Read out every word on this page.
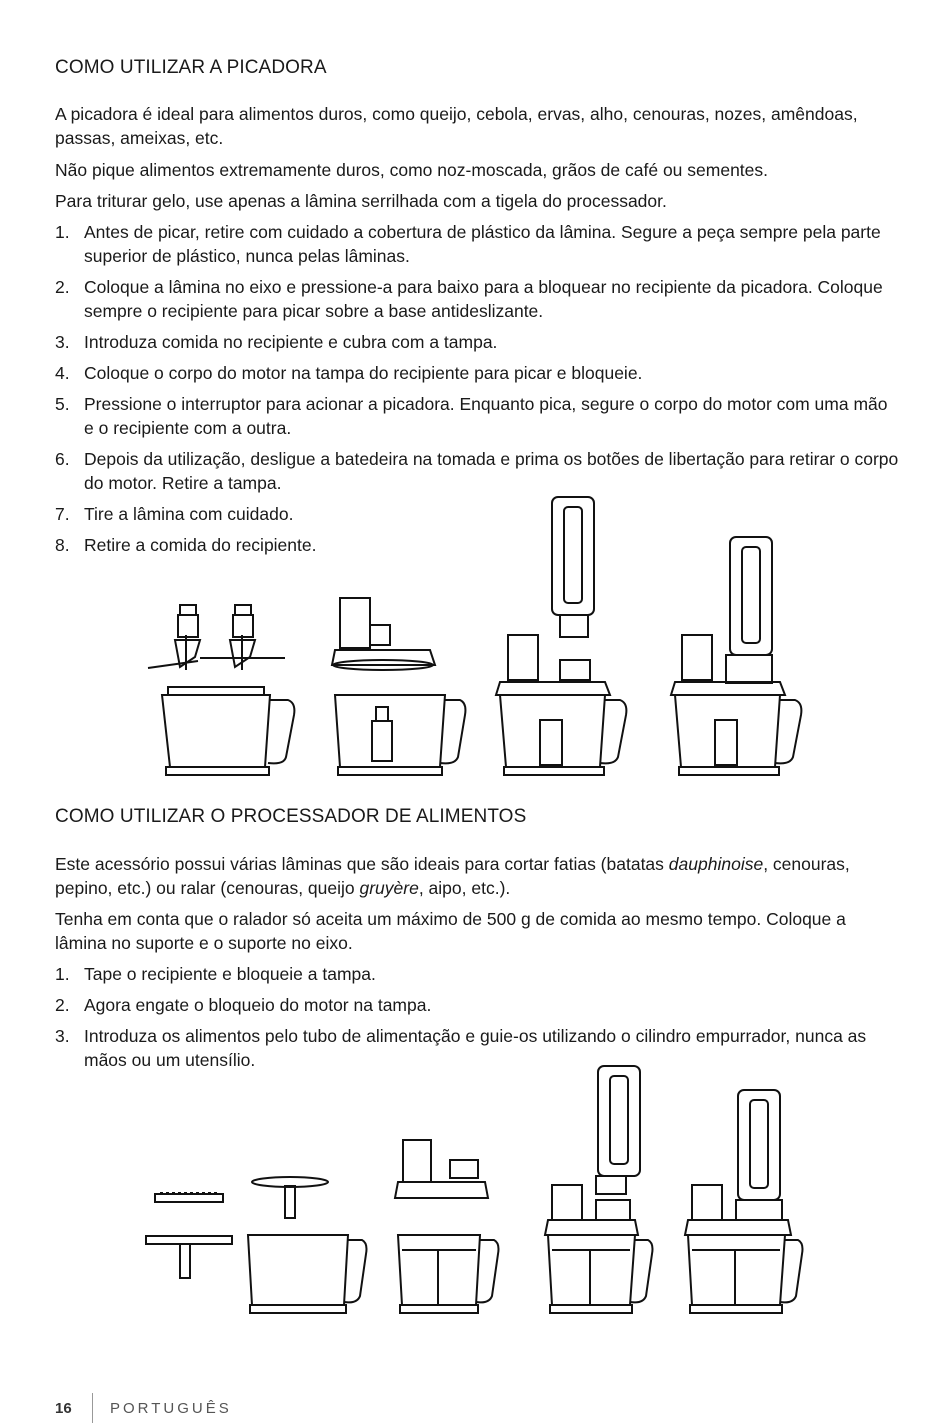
COMO UTILIZAR A PICADORA
A picadora é ideal para alimentos duros, como queijo, cebola, ervas, alho, cenouras, nozes, amêndoas, passas, ameixas, etc.
Não pique alimentos extremamente duros, como noz-moscada, grãos de café ou sementes.
Para triturar gelo, use apenas a lâmina serrilhada com a tigela do processador.
1. Antes de picar, retire com cuidado a cobertura de plástico da lâmina. Segure a peça sempre pela parte superior de plástico, nunca pelas lâminas.
2. Coloque a lâmina no eixo e pressione-a para baixo para a bloquear no recipiente da picadora. Coloque sempre o recipiente para picar sobre a base antideslizante.
3. Introduza comida no recipiente e cubra com a tampa.
4. Coloque o corpo do motor na tampa do recipiente para picar e bloqueie.
5. Pressione o interruptor para acionar a picadora. Enquanto pica, segure o corpo do motor com uma mão e o recipiente com a outra.
6. Depois da utilização, desligue a batedeira na tomada e prima os botões de libertação para retirar o corpo do motor. Retire a tampa.
7. Tire a lâmina com cuidado.
8. Retire a comida do recipiente.
COMO UTILIZAR O PROCESSADOR DE ALIMENTOS
Este acessório possui várias lâminas que são ideais para cortar fatias (batatas dauphinoise, cenouras, pepino, etc.) ou ralar (cenouras, queijo gruyère, aipo, etc.).
Tenha em conta que o ralador só aceita um máximo de 500 g de comida ao mesmo tempo. Coloque a lâmina no suporte e o suporte no eixo.
1. Tape o recipiente e bloqueie a tampa.
2. Agora engate o bloqueio do motor na tampa.
3. Introduza os alimentos pelo tubo de alimentação e guie-os utilizando o cilindro empurrador, nunca as mãos ou um utensílio.
16	PORTUGUÊS
